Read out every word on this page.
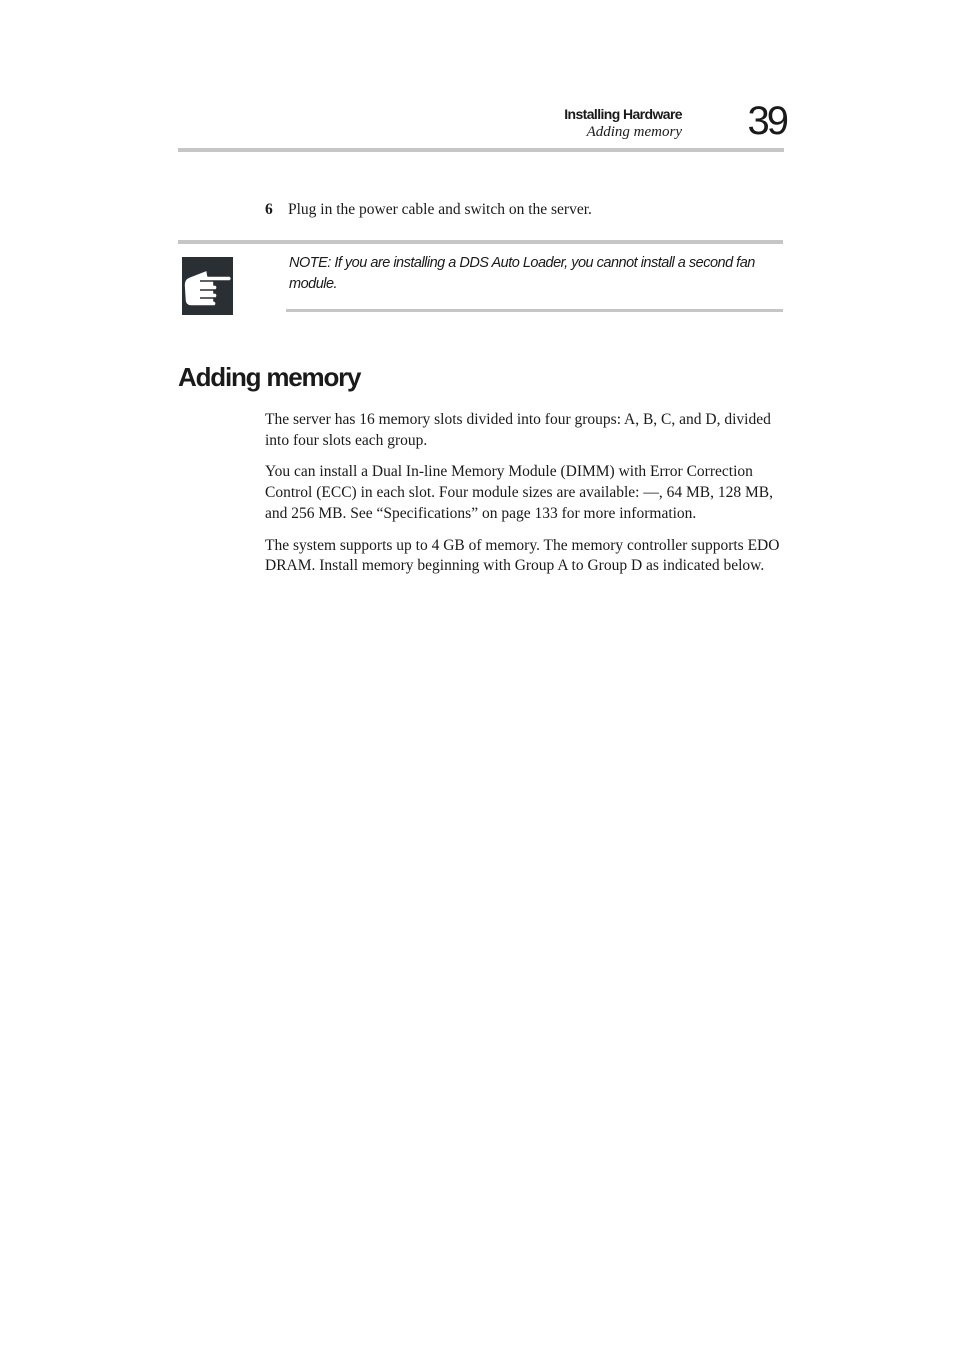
Installing Hardware
Adding memory 39
6 Plug in the power cable and switch on the server.
NOTE: If you are installing a DDS Auto Loader, you cannot install a second fan module.
Adding memory

The server has 16 memory slots divided into four groups: A, B, C, and D, divided into four slots each group.

You can install a Dual In-line Memory Module (DIMM) with Error Correction Control (ECC) in each slot. Four module sizes are available: —, 64 MB, 128 MB, and 256 MB. See “Specifications” on page 133 for more information.

The system supports up to 4 GB of memory. The memory controller supports EDO DRAM. Install memory beginning with Group A to Group D as indicated below.
